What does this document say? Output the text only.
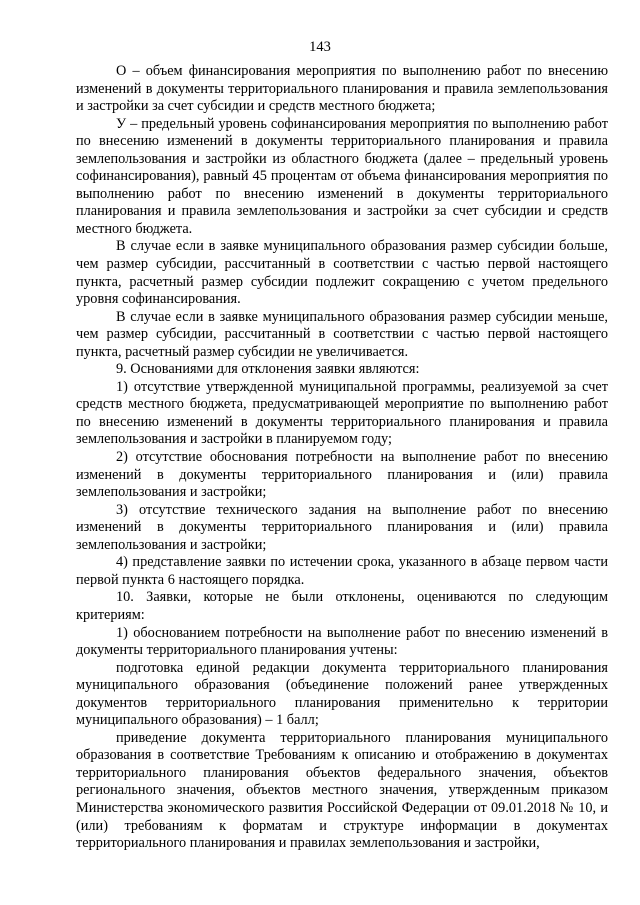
143

О – объем финансирования мероприятия по выполнению работ по внесению изменений в документы территориального планирования и правила землепользования и застройки за счет субсидии и средств местного бюджета;

У – предельный уровень софинансирования мероприятия по выполнению работ по внесению изменений в документы территориального планирования и правила землепользования и застройки из областного бюджета (далее – предельный уровень софинансирования), равный 45 процентам от объема финансирования мероприятия по выполнению работ по внесению изменений в документы территориального планирования и правила землепользования и застройки за счет субсидии и средств местного бюджета.

В случае если в заявке муниципального образования размер субсидии больше, чем размер субсидии, рассчитанный в соответствии с частью первой настоящего пункта, расчетный размер субсидии подлежит сокращению с учетом предельного уровня софинансирования.

В случае если в заявке муниципального образования размер субсидии меньше, чем размер субсидии, рассчитанный в соответствии с частью первой настоящего пункта, расчетный размер субсидии не увеличивается.

9. Основаниями для отклонения заявки являются:

1) отсутствие утвержденной муниципальной программы, реализуемой за счет средств местного бюджета, предусматривающей мероприятие по выполнению работ по внесению изменений в документы территориального планирования и правила землепользования и застройки в планируемом году;

2) отсутствие обоснования потребности на выполнение работ по внесению изменений в документы территориального планирования и (или) правила землепользования и застройки;

3) отсутствие технического задания на выполнение работ по внесению изменений в документы территориального планирования и (или) правила землепользования и застройки;

4) представление заявки по истечении срока, указанного в абзаце первом части первой пункта 6 настоящего порядка.

10. Заявки, которые не были отклонены, оцениваются по следующим критериям:

1) обоснованием потребности на выполнение работ по внесению изменений в документы территориального планирования учтены:

подготовка единой редакции документа территориального планирования муниципального образования (объединение положений ранее утвержденных документов территориального планирования применительно к территории муниципального образования) – 1 балл;

приведение документа территориального планирования муниципального образования в соответствие Требованиям к описанию и отображению в документах территориального планирования объектов федерального значения, объектов регионального значения, объектов местного значения, утвержденным приказом Министерства экономического развития Российской Федерации от 09.01.2018 № 10, и (или) требованиям к форматам и структуре информации в документах территориального планирования и правилах землепользования и застройки,
